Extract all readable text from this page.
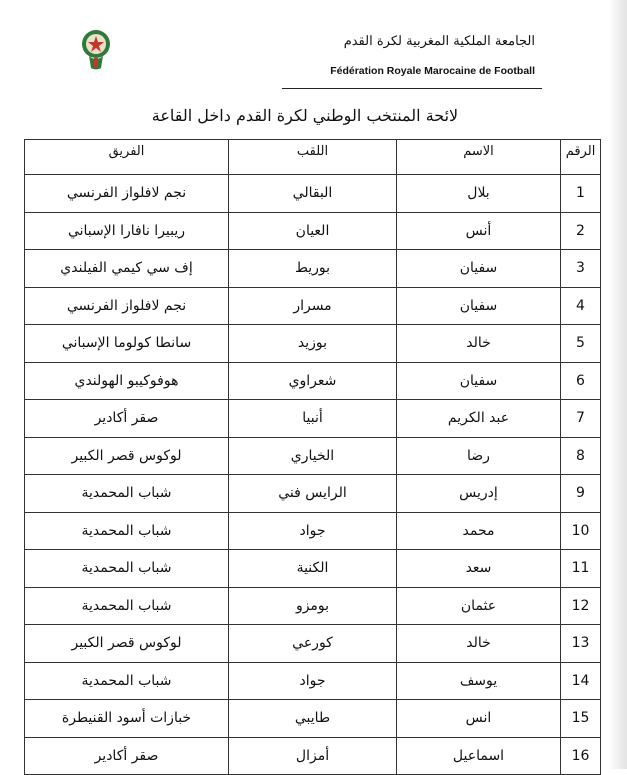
الجامعة الملكية المغربية لكرة القدم
Fédération Royale Marocaine de Football
لائحة المنتخب الوطني لكرة القدم داخل القاعة
الرقم	الاسم	اللقب	الفريق
1	بلال	البقالي	نجم لافلواز الفرنسي
2	أنس	العيان	ريبيرا نافارا الإسباني
3	سفيان	بوريط	إف سي كيمي الفيلندي
4	سفيان	مسرار	نجم لافلواز الفرنسي
5	خالد	بوزيد	سانطا كولوما الإسباني
6	سفيان	شعراوي	هوفوكيبو الهولندي
7	عبد الكريم	أنبيا	صقر أكادير
8	رضا	الخياري	لوكوس قصر الكبير
9	إدريس	الرايس فني	شباب المحمدية
10	محمد	جواد	شباب المحمدية
11	سعد	الكنية	شباب المحمدية
12	عثمان	بومزو	شباب المحمدية
13	خالد	كورعي	لوكوس قصر الكبير
14	يوسف	جواد	شباب المحمدية
15	انس	طايبي	خبازات أسود القنيطرة
16	اسماعيل	أمزال	صقر أكادير
